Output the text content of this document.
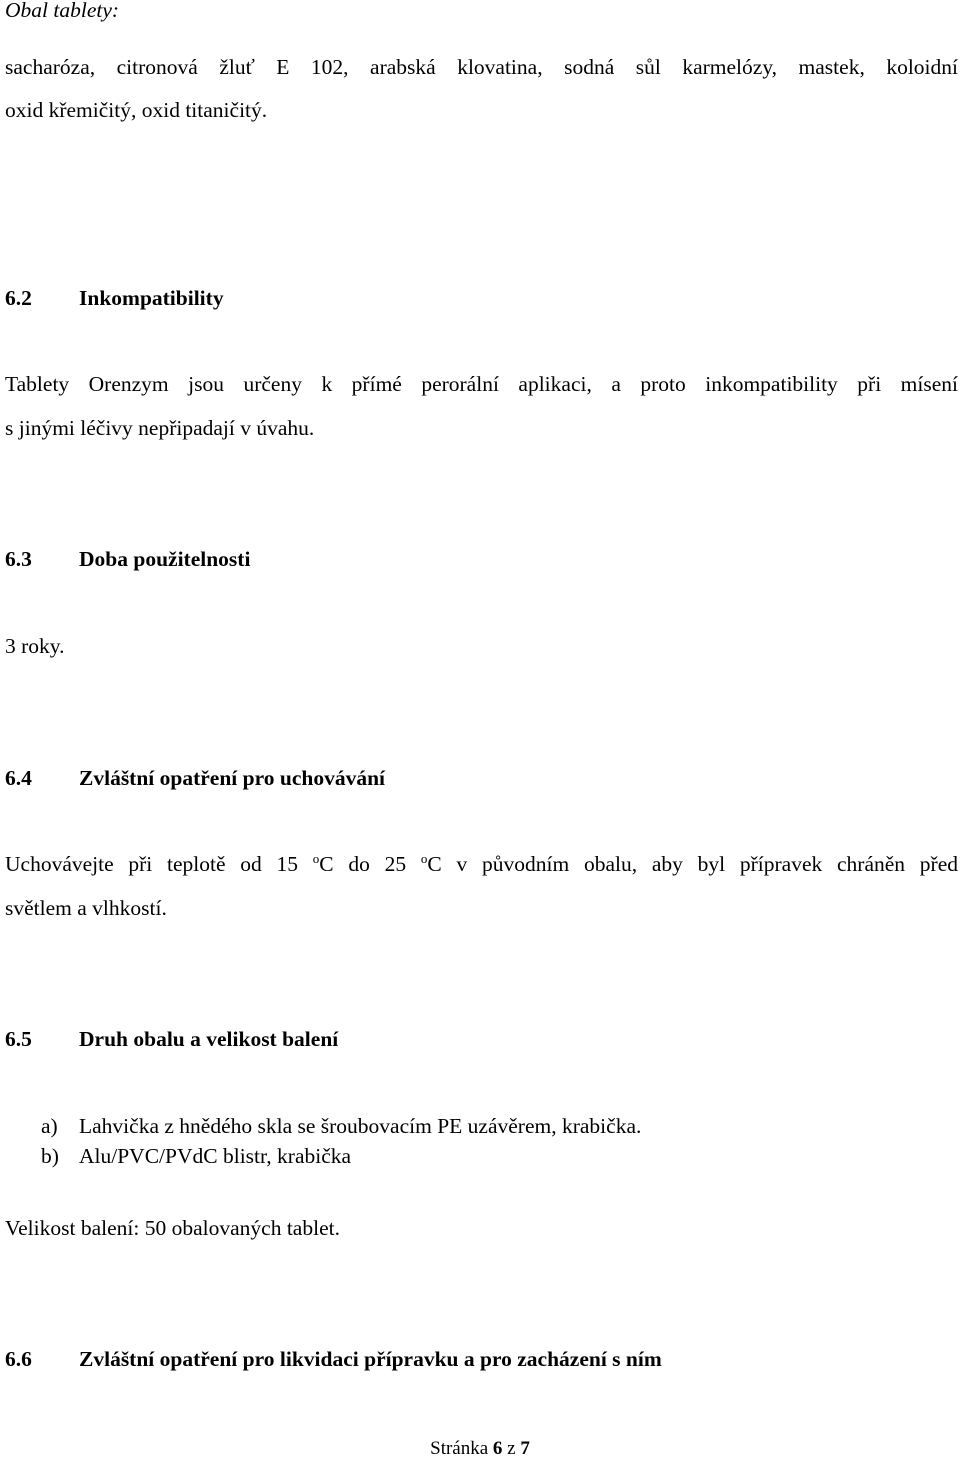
Obal tablety:

sacharóza, citronová žluť E 102, arabská klovatina, sodná sůl karmelózy, mastek, koloidní

oxid křemičitý, oxid titaničitý.

6.2 Inkompatibility

Tablety Orenzym jsou určeny k přímé perorální aplikaci, a proto inkompatibility při mísení

s jinými léčivy nepřipadají v úvahu.

6.3 Doba použitelnosti

3 roky.

6.4 Zvláštní opatření pro uchovávání

Uchovávejte při teplotě od 15 $^o$C do 25 $^o$C v původním obalu, aby byl přípravek chráněn před

světlem a vlhkostí.

6.5 Druh obalu a velikost balení

a) Lahvička z hnědého skla se šroubovacím PE uzávěrem, krabička.

b) Alu/PVC/PVdC blistr, krabička

Velikost balení: 50 obalovaných tablet.

6.6 Zvláštní opatření pro likvidaci přípravku a pro zacházení s ním

Stránka 6 z 7
